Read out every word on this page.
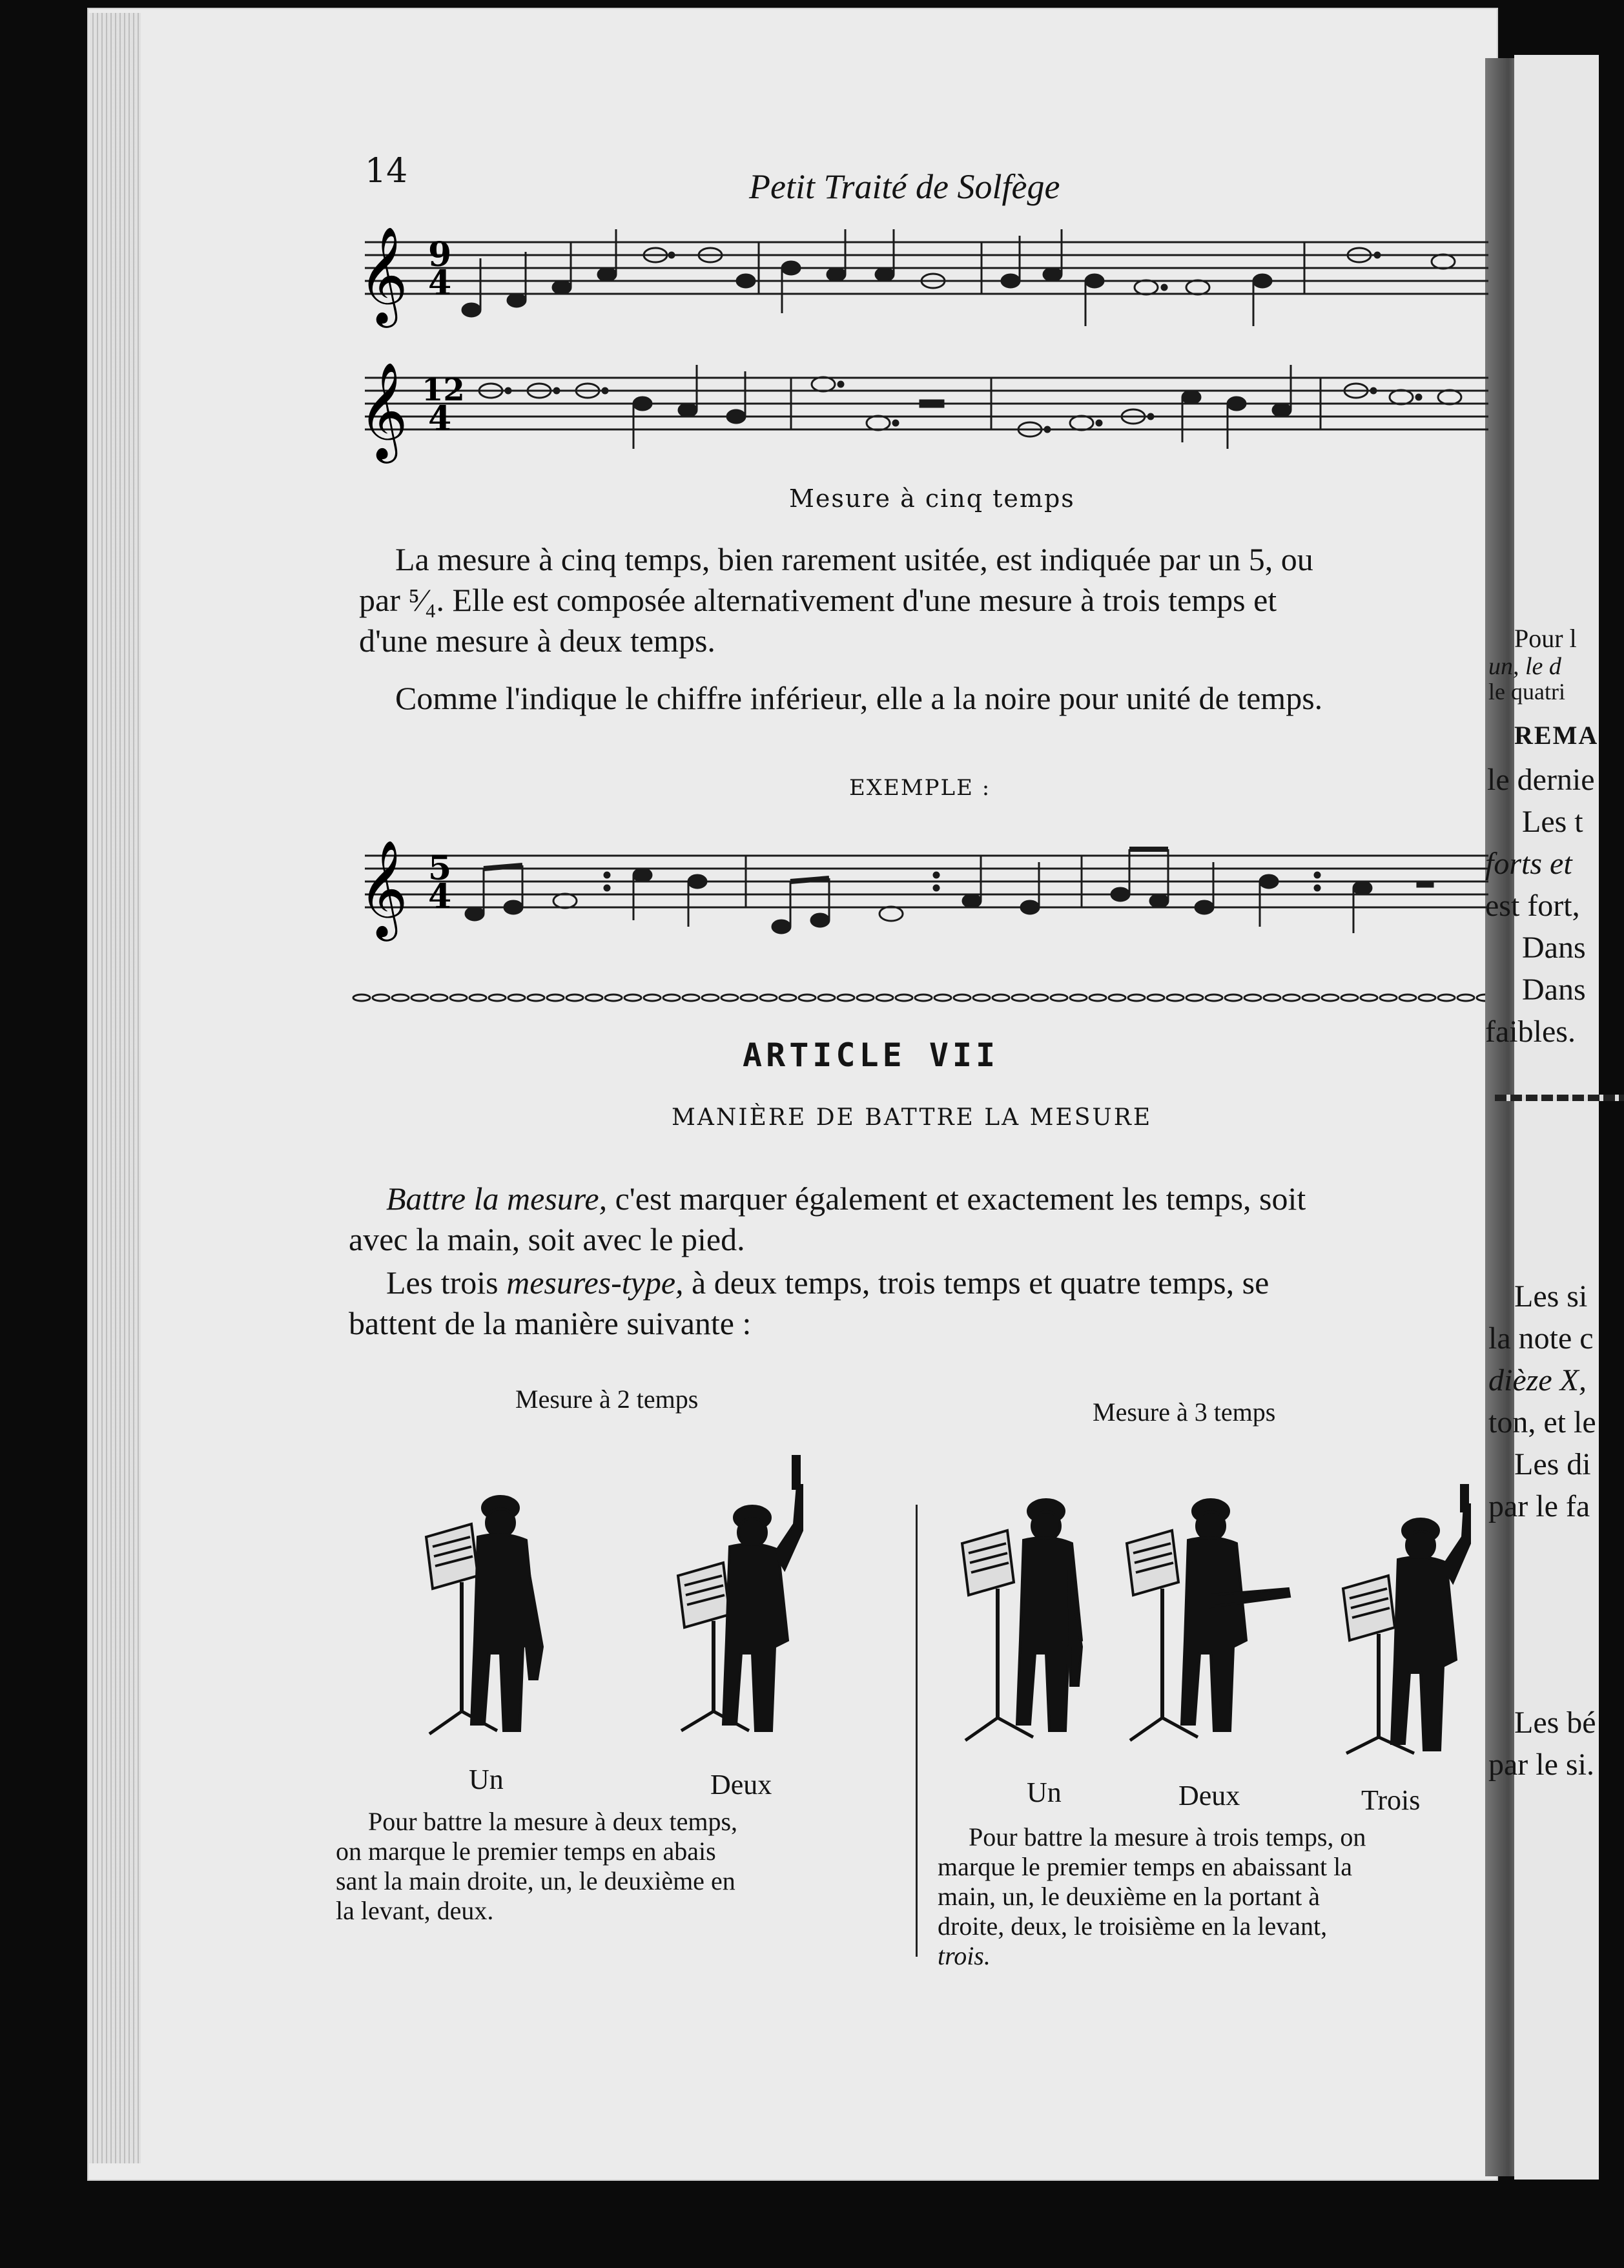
Pour l
un, le d
le quatri
REMA
le dernie
Les t
forts et
est fort,
Dans
Dans
faibles.
Les si
la note c
dièze X,
ton, et le
Les di
par le fa
Les bé
par le si.
14	Petit Traité de Solfège
𝄞 9
4
𝄞 12
4
Mesure à cinq temps
La mesure à cinq temps, bien rarement usitée, est indiquée par un 5, ou
par ⁵⁄₄. Elle est composée alternativement d'une mesure à trois temps et
d'une mesure à deux temps.
Comme l'indique le chiffre inférieur, elle a la noire pour unité de temps.
EXEMPLE :
𝄞 5
4
ARTICLE VII
MANIÈRE DE BATTRE LA MESURE
Battre la mesure, c'est marquer également et exactement les temps, soit
avec la main, soit avec le pied.
Les trois mesures-type, à deux temps, trois temps et quatre temps, se
battent de la manière suivante :
Mesure à 2 temps
Un	Deux
Pour battre la mesure à deux temps,
on marque le premier temps en abais
sant la main droite, un, le deuxième en
la levant, deux.
Mesure à 3 temps
Un	Deux	Trois
Pour battre la mesure à trois temps, on
marque le premier temps en abaissant la
main, un, le deuxième en la portant à
droite, deux, le troisième en la levant,
trois.
